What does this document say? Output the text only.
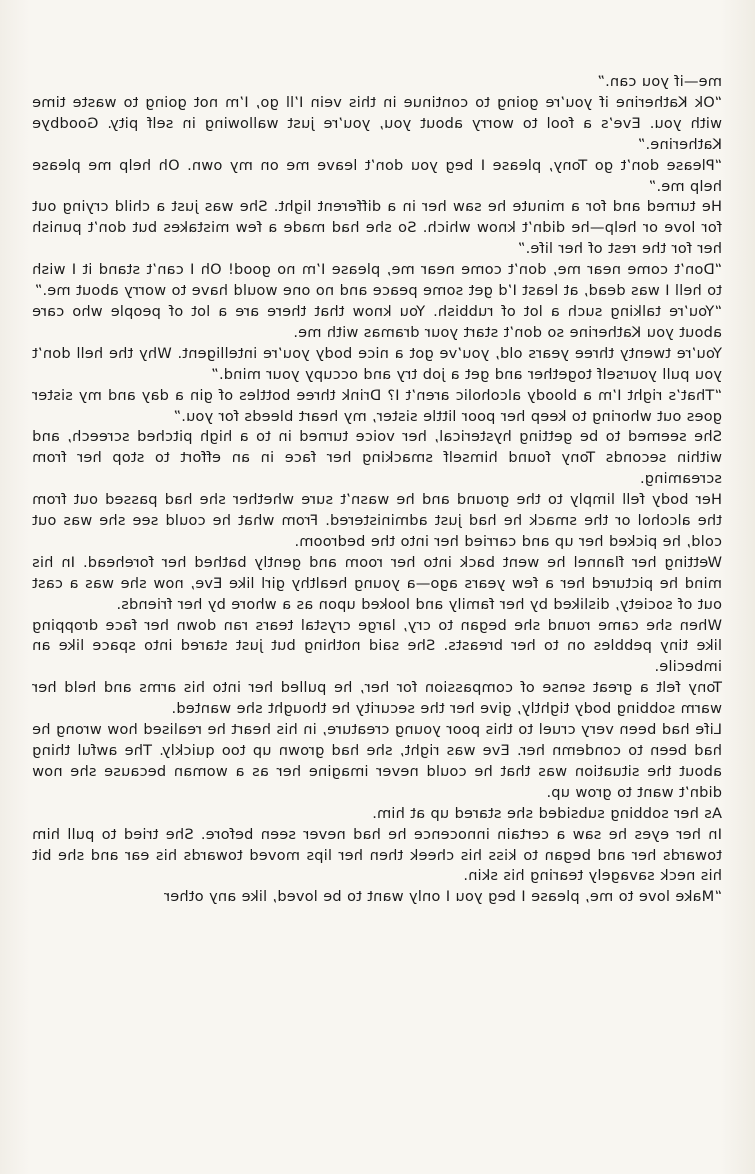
me—if you can.”

“Ok Katherine if you’re going to continue in this vein I’ll go, I’m not going to waste time with you. Eve’s a fool to worry about you, you’re just wallowing in self pity. Goodbye Katherine.”

“Please don’t go Tony, please I beg you don’t leave me on my own. Oh help me please help me.”

He turned and for a minute he saw her in a different light. She was just a child crying out for love or help—he didn’t know which. So she had made a few mistakes but don’t punish her for the rest of her life.”

“Don’t come near me, don’t come near me, please I’m no good! Oh I can’t stand it I wish to hell I was dead, at least I’d get some peace and no one would have to worry about me.”

“You’re talking such a lot of rubbish. You know that there are a lot of people who care about you Katherine so don’t start your dramas with me.

You’re twenty three years old, you’ve got a nice body you’re intelligent. Why the hell don’t you pull yourself together and get a job try and occupy your mind.”

“That’s right I’m a bloody alcoholic aren’t I? Drink three bottles of gin a day and my sister goes out whoring to keep her poor little sister, my heart bleeds for you.”

She seemed to be getting hysterical, her voice turned in to a high pitched screech, and within seconds Tony found himself smacking her face in an effort to stop her from screaming.

Her body fell limply to the ground and he wasn’t sure whether she had passed out from the alcohol or the smack he had just administered. From what he could see she was out cold, he picked her up and carried her into the bedroom.

Wetting her flannel he went back into her room and gently bathed her forehead. In his mind he pictured her a few years ago—a young healthy girl like Eve, now she was a cast out of society, disliked by her family and looked upon as a whore by her friends.

When she came round she began to cry, large crystal tears ran down her face dropping like tiny pebbles on to her breasts. She said nothing but just stared into space like an imbecile.

Tony felt a great sense of compassion for her, he pulled her into his arms and held her warm sobbing body tightly, give her the security he thought she wanted.

Life had been very cruel to this poor young creature, in his heart he realised how wrong he had been to condemn her. Eve was right, she had grown up too quickly. The awful thing about the situation was that he could never imagine her as a woman because she now didn’t want to grow up.

As her sobbing subsided she stared up at him.

In her eyes he saw a certain innocence he had never seen before. She tried to pull him towards her and began to kiss his cheek then her lips moved towards his ear and she bit his neck savagely tearing his skin.

“Make love to me, please I beg you I only want to be loved, like any other
